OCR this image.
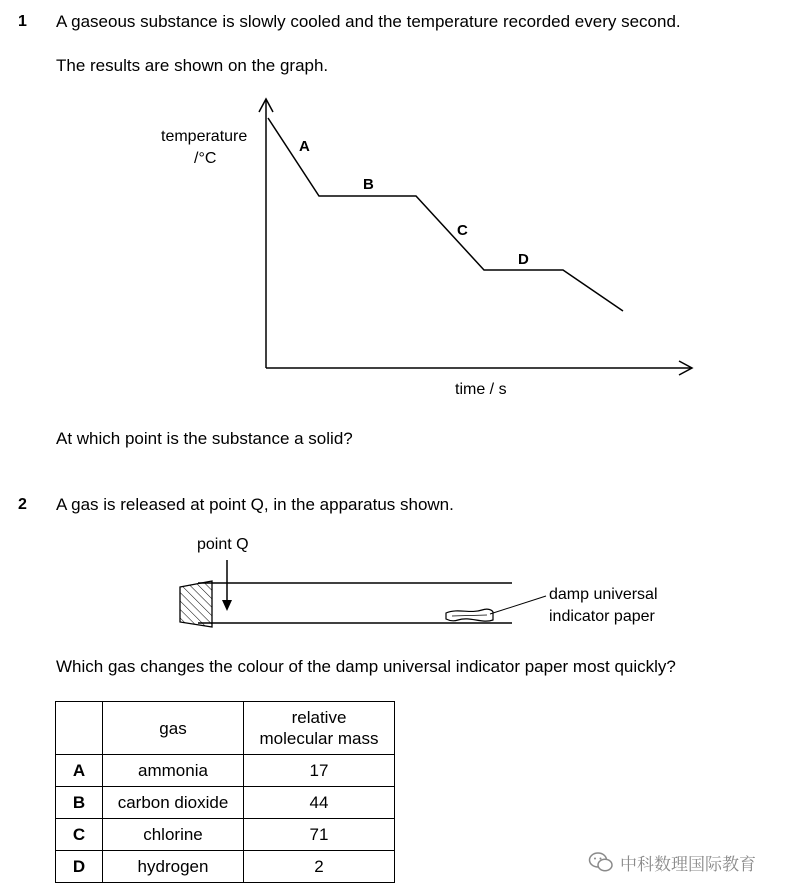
1 A gaseous substance is slowly cooled and the temperature recorded every second.
The results are shown on the graph.
temperature
/°C
A
B
C
D
time / s
At which point is the substance a solid?
2 A gas is released at point Q, in the apparatus shown.
point Q
damp universal
indicator paper
Which gas changes the colour of the damp universal indicator paper most quickly?
	gas	relative
molecular mass
A	ammonia	17
B	carbon dioxide	44
C	chlorine	71
D	hydrogen	2	中科数理国际教育
